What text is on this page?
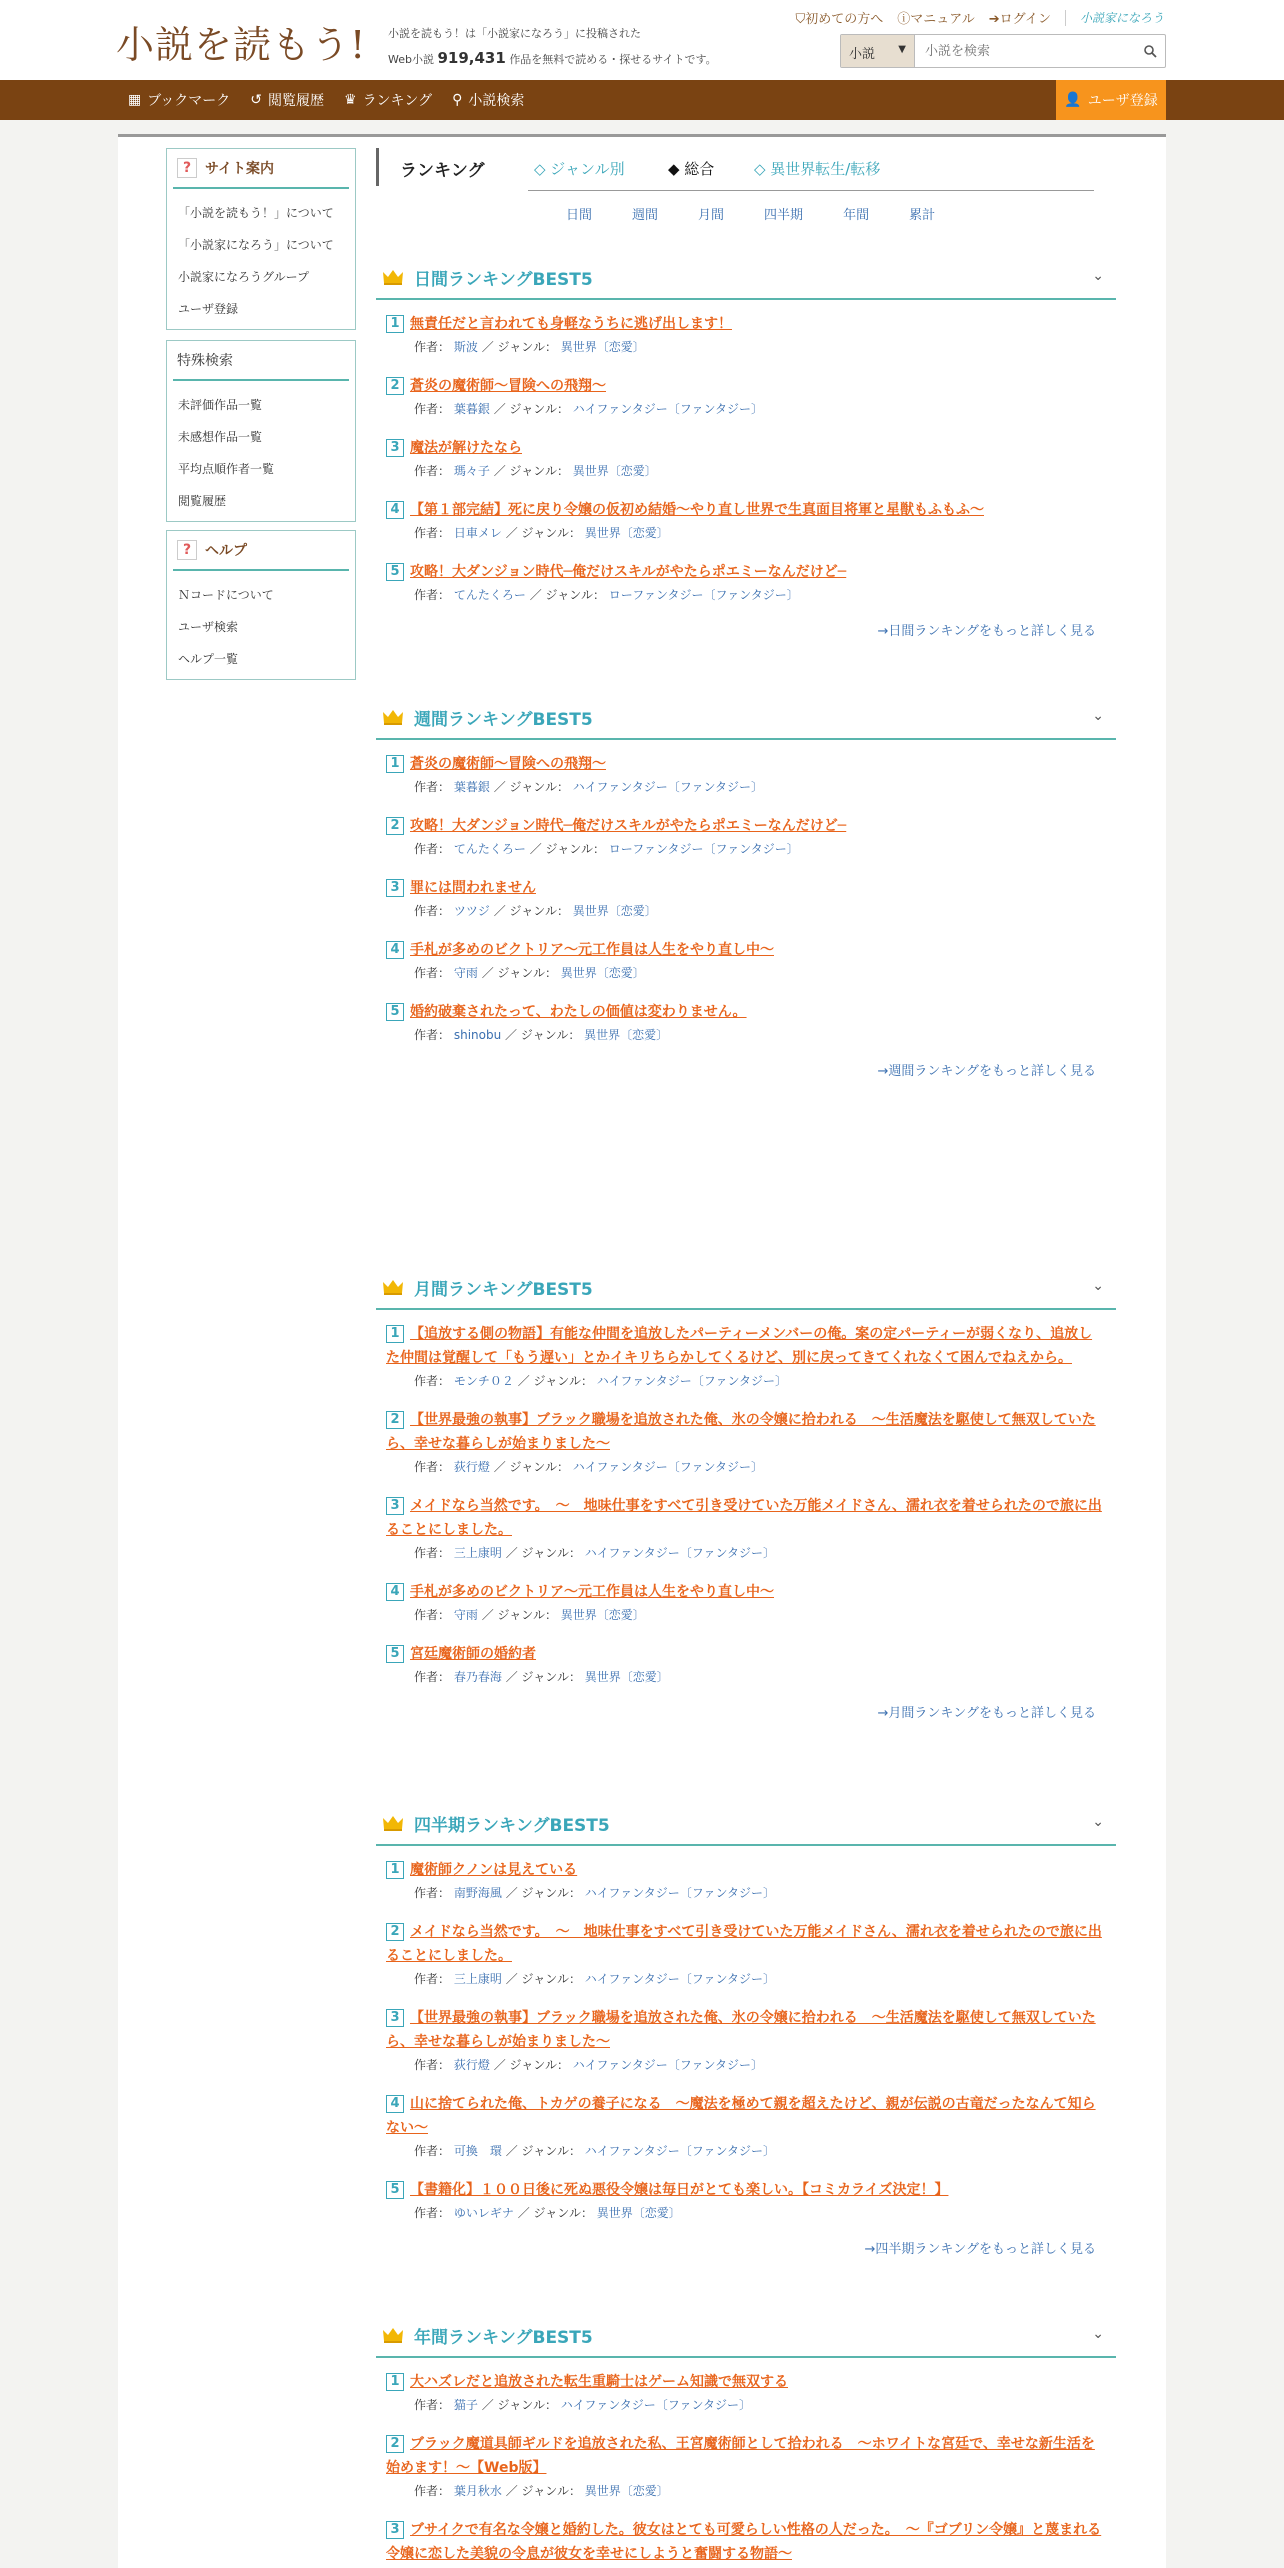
小説を読もう! 小説を読もう！は「小説家になろう」に投稿された
Web小説 919,431 作品を無料で読める・探せるサイトです。
⛉初めての方へ ⓘマニュアル ➔ログイン 小説家になろう
小説 ▼
小説を検索
▦ ブックマーク ↺ 閲覧履歴 ♛ ランキング ⚲ 小説検索	👤 ユーザ登録
? サイト案内
「小説を読もう！」について
「小説家になろう」について
小説家になろうグループ
ユーザ登録
特殊検索
未評価作品一覧
未感想作品一覧
平均点順作者一覧
閲覧履歴
? ヘルプ
Ｎコードについて
ユーザ検索
ヘルプ一覧
ランキング	◇ ジャンル別	◆ 総合	◇ 異世界転生/転移
日間	週間	月間	四半期	年間	累計
日間ランキングBEST5	⌄
1 無責任だと言われても身軽なうちに逃げ出します！
作者： 斯波 ／ ジャンル： 異世界〔恋愛〕
2 蒼炎の魔術師〜冒険への飛翔〜
作者： 葉暮銀 ／ ジャンル： ハイファンタジー〔ファンタジー〕
3 魔法が解けたなら
作者： 瑪々子 ／ ジャンル： 異世界〔恋愛〕
4 【第１部完結】死に戻り令嬢の仮初め結婚～やり直し世界で生真面目将軍と星獣もふもふ～
作者： 日車メレ ／ ジャンル： 異世界〔恋愛〕
5 攻略！大ダンジョン時代─俺だけスキルがやたらポエミーなんだけど─
作者： てんたくろー ／ ジャンル： ローファンタジー〔ファンタジー〕
→日間ランキングをもっと詳しく見る
週間ランキングBEST5	⌄
1 蒼炎の魔術師〜冒険への飛翔〜
作者： 葉暮銀 ／ ジャンル： ハイファンタジー〔ファンタジー〕
2 攻略！大ダンジョン時代─俺だけスキルがやたらポエミーなんだけど─
作者： てんたくろー ／ ジャンル： ローファンタジー〔ファンタジー〕
3 罪には問われません
作者： ツツジ ／ ジャンル： 異世界〔恋愛〕
4 手札が多めのビクトリア〜元工作員は人生をやり直し中〜
作者： 守雨 ／ ジャンル： 異世界〔恋愛〕
5 婚約破棄されたって、わたしの価値は変わりません。
作者： shinobu ／ ジャンル： 異世界〔恋愛〕
→週間ランキングをもっと詳しく見る
月間ランキングBEST5	⌄
1 【追放する側の物語】有能な仲間を追放したパーティーメンバーの俺。案の定パーティーが弱くなり、追放した仲間は覚醒して「もう遅い」とかイキリちらかしてくるけど、別に戻ってきてくれなくて困んでねえから。
作者： モンチ０２ ／ ジャンル： ハイファンタジー〔ファンタジー〕
2 【世界最強の執事】ブラック職場を追放された俺、氷の令嬢に拾われる　～生活魔法を駆使して無双していたら、幸せな暮らしが始まりました～
作者： 荻行燈 ／ ジャンル： ハイファンタジー〔ファンタジー〕
3 メイドなら当然です。　～　地味仕事をすべて引き受けていた万能メイドさん、濡れ衣を着せられたので旅に出ることにしました。
作者： 三上康明 ／ ジャンル： ハイファンタジー〔ファンタジー〕
4 手札が多めのビクトリア〜元工作員は人生をやり直し中〜
作者： 守雨 ／ ジャンル： 異世界〔恋愛〕
5 宮廷魔術師の婚約者
作者： 春乃春海 ／ ジャンル： 異世界〔恋愛〕
→月間ランキングをもっと詳しく見る
四半期ランキングBEST5	⌄
1 魔術師クノンは見えている
作者： 南野海風 ／ ジャンル： ハイファンタジー〔ファンタジー〕
2 メイドなら当然です。　～　地味仕事をすべて引き受けていた万能メイドさん、濡れ衣を着せられたので旅に出ることにしました。
作者： 三上康明 ／ ジャンル： ハイファンタジー〔ファンタジー〕
3 【世界最強の執事】ブラック職場を追放された俺、氷の令嬢に拾われる　～生活魔法を駆使して無双していたら、幸せな暮らしが始まりました～
作者： 荻行燈 ／ ジャンル： ハイファンタジー〔ファンタジー〕
4 山に捨てられた俺、トカゲの養子になる　～魔法を極めて親を超えたけど、親が伝説の古竜だったなんて知らない～
作者： 可換　環 ／ ジャンル： ハイファンタジー〔ファンタジー〕
5 【書籍化】１００日後に死ぬ悪役令嬢は毎日がとても楽しい。【コミカライズ決定！】
作者： ゆいレギナ ／ ジャンル： 異世界〔恋愛〕
→四半期ランキングをもっと詳しく見る
年間ランキングBEST5	⌄
1 大ハズレだと追放された転生重騎士はゲーム知識で無双する
作者： 猫子 ／ ジャンル： ハイファンタジー〔ファンタジー〕
2 ブラック魔道具師ギルドを追放された私、王宮魔術師として拾われる　～ホワイトな宮廷で、幸せな新生活を始めます！～【Web版】
作者： 葉月秋水 ／ ジャンル： 異世界〔恋愛〕
3 ブサイクで有名な令嬢と婚約した。彼女はとても可愛らしい性格の人だった。　～『ゴブリン令嬢』と蔑まれる令嬢に恋した美貌の令息が彼女を幸せにしようと奮闘する物語～
